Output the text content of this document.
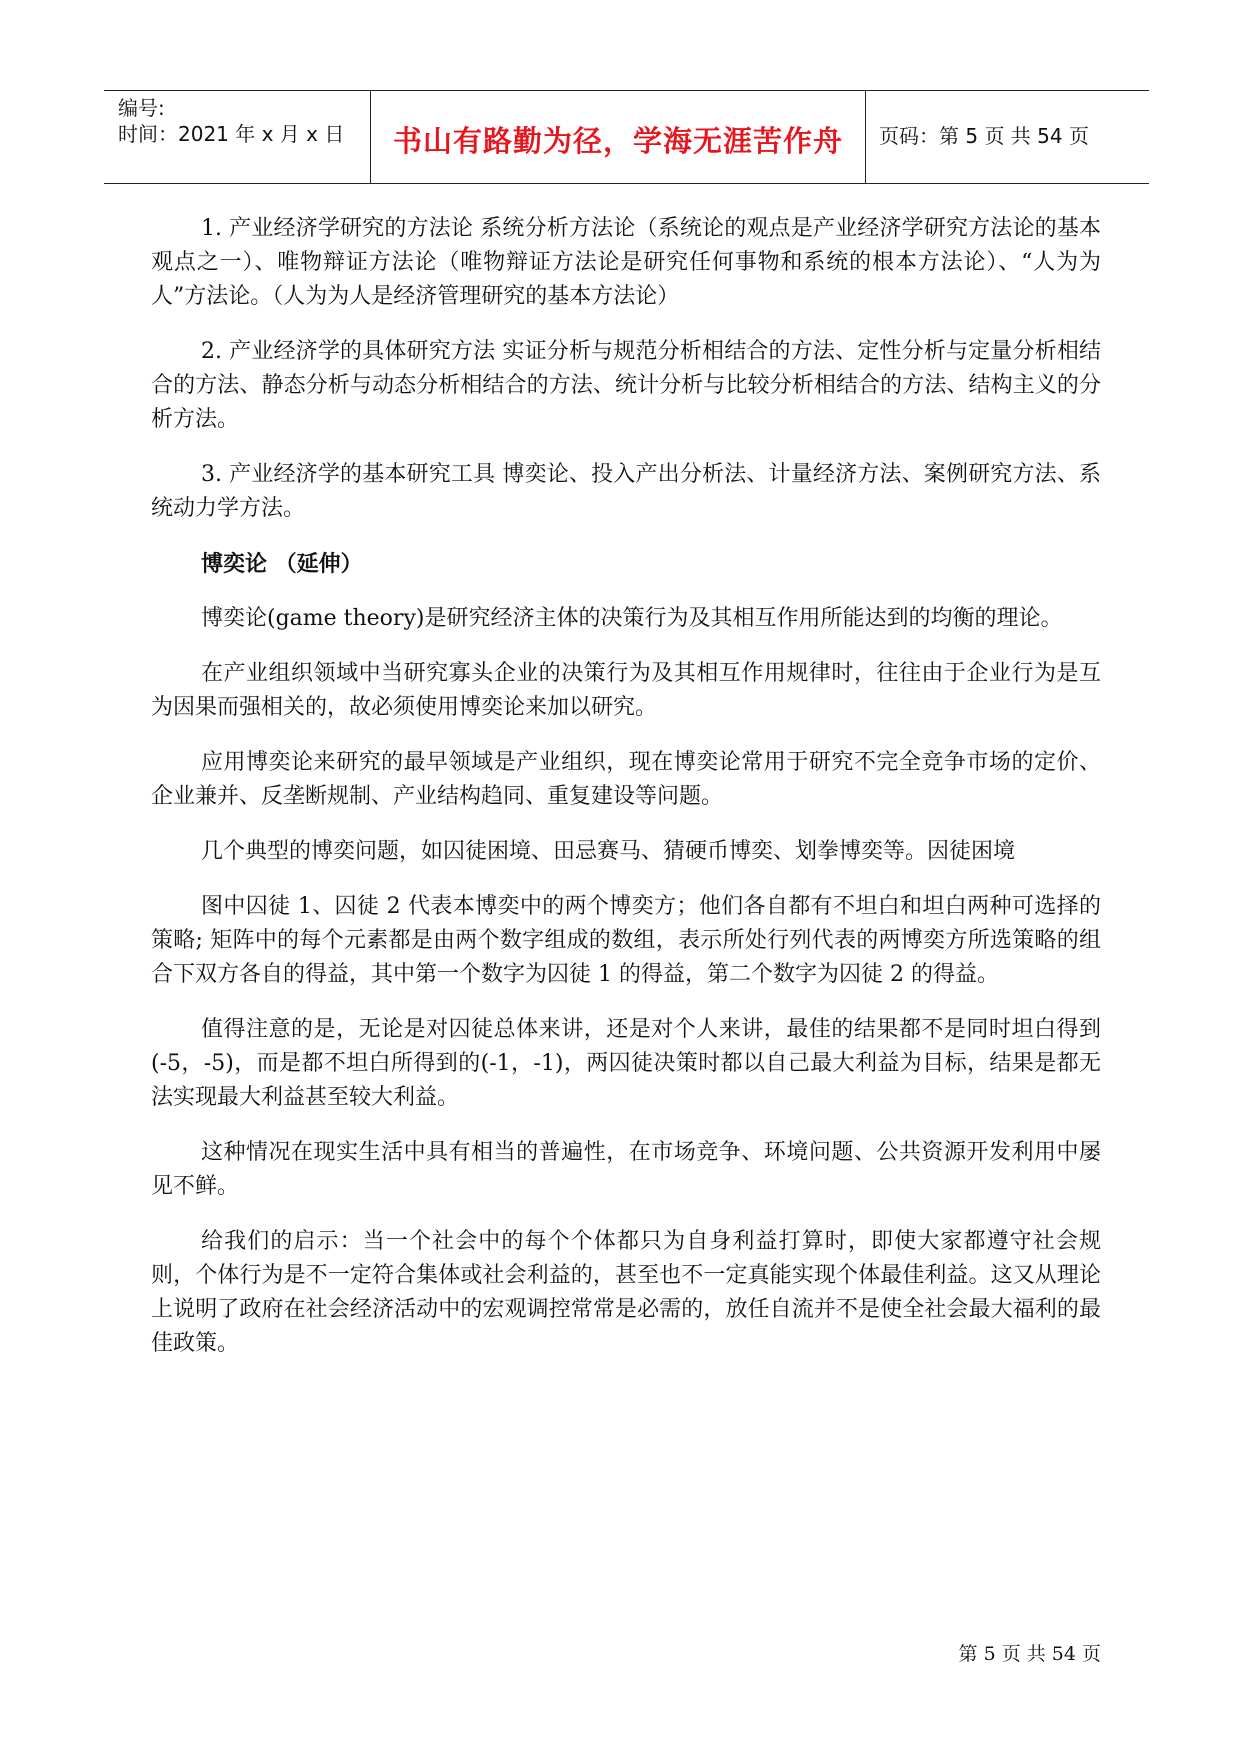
编号:
时间：2021 年 x 月 x 日	书山有路勤为径，学海无涯苦作舟	页码：第 5 页 共 54 页

1. 产业经济学研究的方法论 系统分析方法论（系统论的观点是产业经济学研究方法论的基本观点之一）、唯物辩证方法论（唯物辩证方法论是研究任何事物和系统的根本方法论）、“人为为人”方法论。（人为为人是经济管理研究的基本方法论）

2. 产业经济学的具体研究方法 实证分析与规范分析相结合的方法、定性分析与定量分析相结合的方法、静态分析与动态分析相结合的方法、统计分析与比较分析相结合的方法、结构主义的分析方法。

3. 产业经济学的基本研究工具 博奕论、投入产出分析法、计量经济方法、案例研究方法、系统动力学方法。

博奕论 （延伸）

博奕论(game theory)是研究经济主体的决策行为及其相互作用所能达到的均衡的理论。

在产业组织领域中当研究寡头企业的决策行为及其相互作用规律时，往往由于企业行为是互为因果而强相关的，故必须使用博奕论来加以研究。

应用博奕论来研究的最早领域是产业组织，现在博奕论常用于研究不完全竞争市场的定价、企业兼并、反垄断规制、产业结构趋同、重复建设等问题。

几个典型的博奕问题，如囚徒困境、田忌赛马、猜硬币博奕、划拳博奕等。因徒困境

图中囚徒 1、囚徒 2 代表本博奕中的两个博奕方；他们各自都有不坦白和坦白两种可选择的策略; 矩阵中的每个元素都是由两个数字组成的数组，表示所处行列代表的两博奕方所选策略的组合下双方各自的得益，其中第一个数字为囚徒 1 的得益，第二个数字为囚徒 2 的得益。

值得注意的是，无论是对囚徒总体来讲，还是对个人来讲，最佳的结果都不是同时坦白得到(-5，-5)，而是都不坦白所得到的(-1，-1)，两囚徒决策时都以自己最大利益为目标，结果是都无法实现最大利益甚至较大利益。

这种情况在现实生活中具有相当的普遍性，在市场竞争、环境问题、公共资源开发利用中屡见不鲜。

给我们的启示：当一个社会中的每个个体都只为自身利益打算时，即使大家都遵守社会规则，个体行为是不一定符合集体或社会利益的，甚至也不一定真能实现个体最佳利益。这又从理论上说明了政府在社会经济活动中的宏观调控常常是必需的，放任自流并不是使全社会最大福利的最佳政策。

第 5 页 共 54 页
